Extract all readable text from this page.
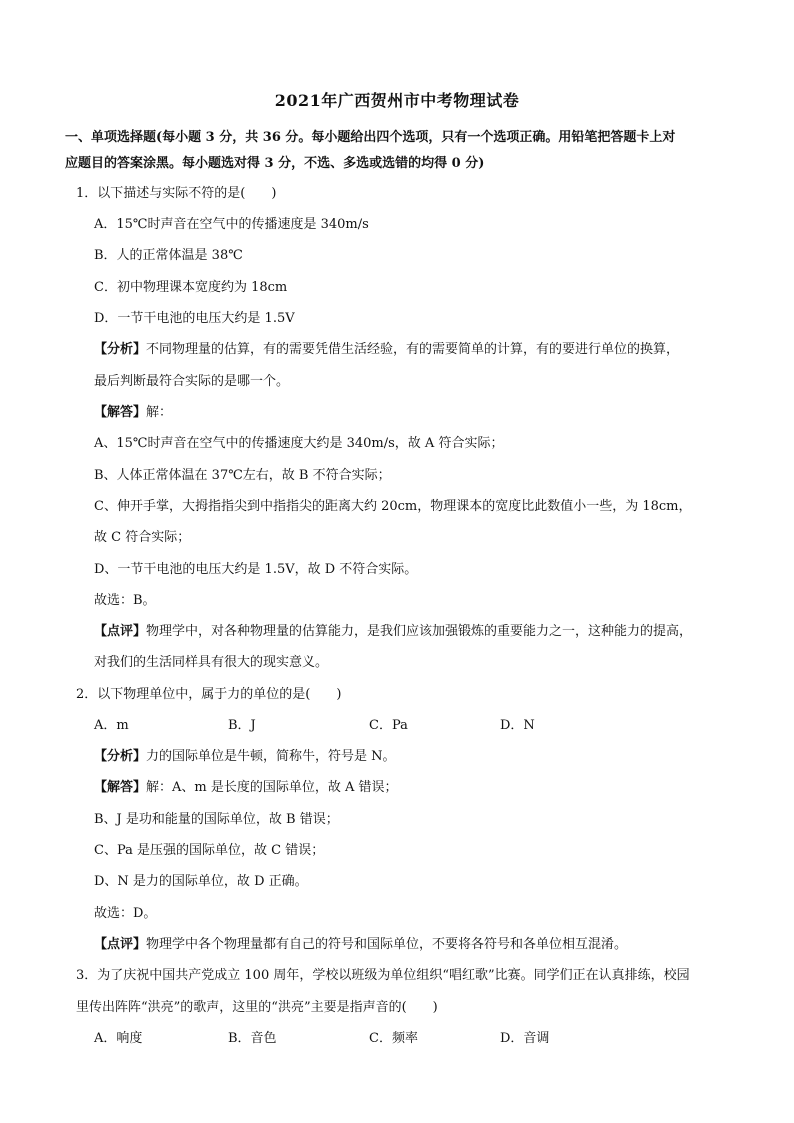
2021年广西贺州市中考物理试卷
一、单项选择题(每小题 3 分，共 36 分。每小题给出四个选项，只有一个选项正确。用铅笔把答题卡上对
应题目的答案涂黑。每小题选对得 3 分，不选、多选或选错的均得 0 分)
1．以下描述与实际不符的是(　　)
A．15℃时声音在空气中的传播速度是 340m/s
B．人的正常体温是 38℃
C．初中物理课本宽度约为 18cm
D．一节干电池的电压大约是 1.5V
【分析】不同物理量的估算，有的需要凭借生活经验，有的需要简单的计算，有的要进行单位的换算，
最后判断最符合实际的是哪一个。
【解答】解：
A、15℃时声音在空气中的传播速度大约是 340m/s，故 A 符合实际；
B、人体正常体温在 37℃左右，故 B 不符合实际；
C、伸开手掌，大拇指指尖到中指指尖的距离大约 20cm，物理课本的宽度比此数值小一些，为 18cm，
故 C 符合实际；
D、一节干电池的电压大约是 1.5V，故 D 不符合实际。
故选：B。
【点评】物理学中，对各种物理量的估算能力，是我们应该加强锻炼的重要能力之一，这种能力的提高，
对我们的生活同样具有很大的现实意义。
2．以下物理单位中，属于力的单位的是(　　)
A．m	B．J	C．Pa	D．N
【分析】力的国际单位是牛顿，简称牛，符号是 N。
【解答】解：A、m 是长度的国际单位，故 A 错误；
B、J 是功和能量的国际单位，故 B 错误；
C、Pa 是压强的国际单位，故 C 错误；
D、N 是力的国际单位，故 D 正确。
故选：D。
【点评】物理学中各个物理量都有自己的符号和国际单位，不要将各符号和各单位相互混淆。
3．为了庆祝中国共产党成立 100 周年，学校以班级为单位组织“唱红歌”比赛。同学们正在认真排练，校园
里传出阵阵“洪亮”的歌声，这里的“洪亮”主要是指声音的(　　)
A．响度	B．音色	C．频率	D．音调
